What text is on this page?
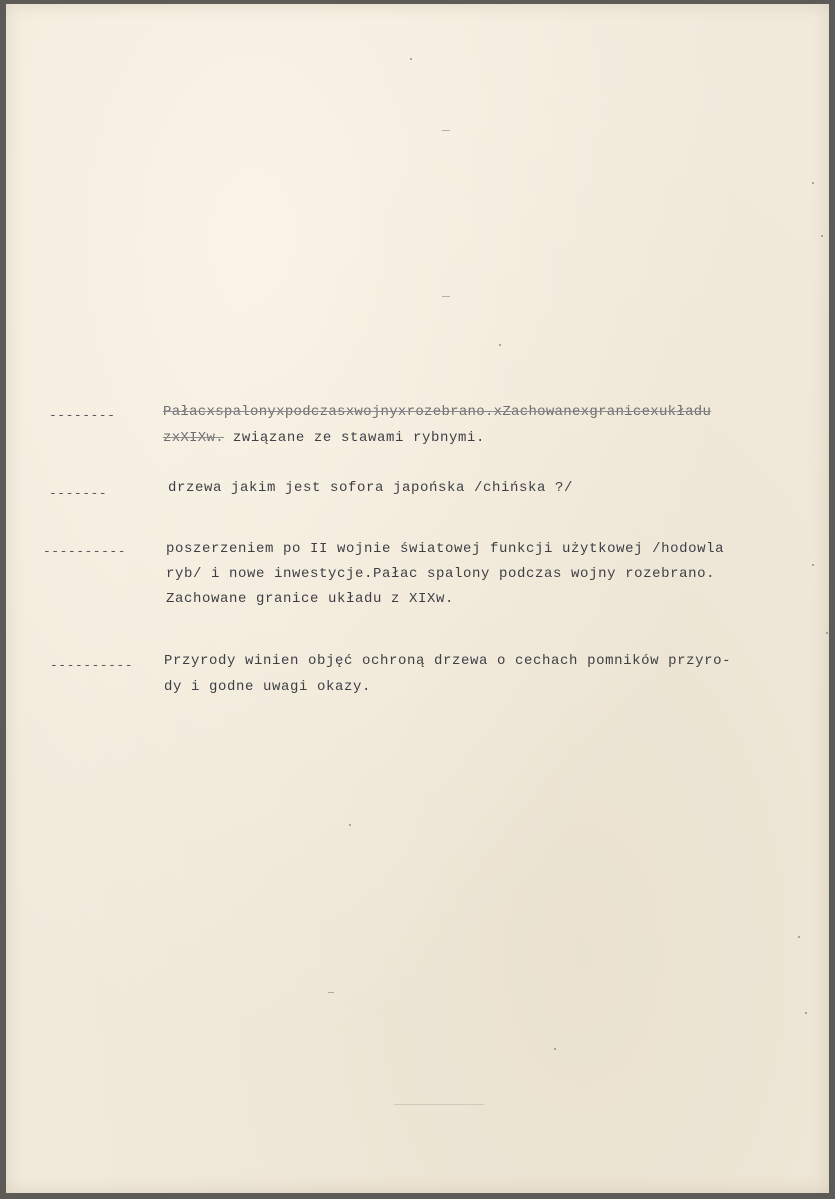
--------	Pałacxspalonyxpodczasxwojnyxrozebrano.xZachowanexgranicexukładu
zxXIXw. związane ze stawami rybnymi.
-------	drzewa jakim jest sofora japońska /chińska ?/
----------	poszerzeniem po II wojnie światowej funkcji użytkowej /hodowla
ryb/ i nowe inwestycje.Pałac spalony podczas wojny rozebrano.
Zachowane granice układu z XIXw.
---------- Przyrody winien objęć ochroną drzewa o cechach pomników przyro-
dy i godne uwagi okazy.
